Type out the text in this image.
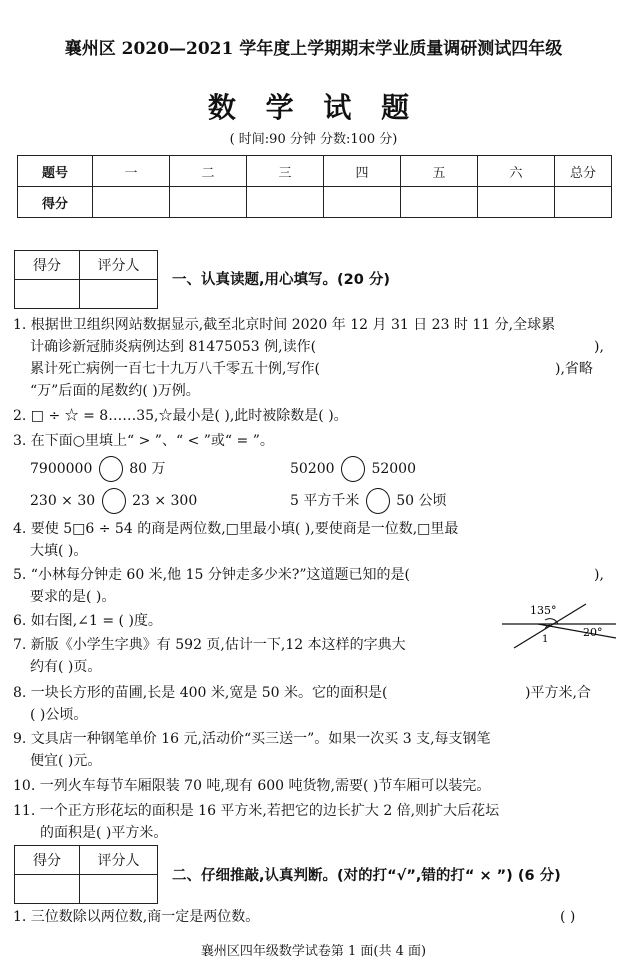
襄州区 2020—2021 学年度上学期期末学业质量调研测试四年级
数 学 试 题
( 时间:90 分钟 分数:100 分)
题号	一	二	三	四	五	六	总分
得分							
得分	评分人

一、认真读题,用心填写。(20 分)
1. 根据世卫组织网站数据显示,截至北京时间 2020 年 12 月 31 日 23 时 11 分,全球累
计确诊新冠肺炎病例达到 81475053 例,读作(	),
累计死亡病例一百七十九万八千零五十例,写作(	),省略
“万”后面的尾数约( )万例。
2. □ ÷ ☆ = 8……35,☆最小是( ),此时被除数是( )。
3. 在下面○里填上“ > ”、“ < ”或“ = ”。
7900000	80 万	50200	52000
230 × 30	23 × 300	5 平方千米	50 公顷
4. 要使 5□6 ÷ 54 的商是两位数,□里最小填( ),要使商是一位数,□里最
大填( )。
5. “小林每分钟走 60 米,他 15 分钟走多少米?”这道题已知的是(	),
要求的是( )。
6. 如右图,∠1 = ( )度。
135°
20°
1
7. 新版《小学生字典》有 592 页,估计一下,12 本这样的字典大
约有( )页。
8. 一块长方形的苗圃,长是 400 米,宽是 50 米。它的面积是(	)平方米,合
( )公顷。
9. 文具店一种钢笔单价 16 元,活动价“买三送一”。如果一次买 3 支,每支钢笔
便宜( )元。
10. 一列火车每节车厢限装 70 吨,现有 600 吨货物,需要( )节车厢可以装完。
11. 一个正方形花坛的面积是 16 平方米,若把它的边长扩大 2 倍,则扩大后花坛
的面积是( )平方米。
得分	评分人

二、仔细推敲,认真判断。(对的打“√”,错的打“ × ”) (6 分)
1. 三位数除以两位数,商一定是两位数。	( )
襄州区四年级数学试卷第 1 面(共 4 面)
